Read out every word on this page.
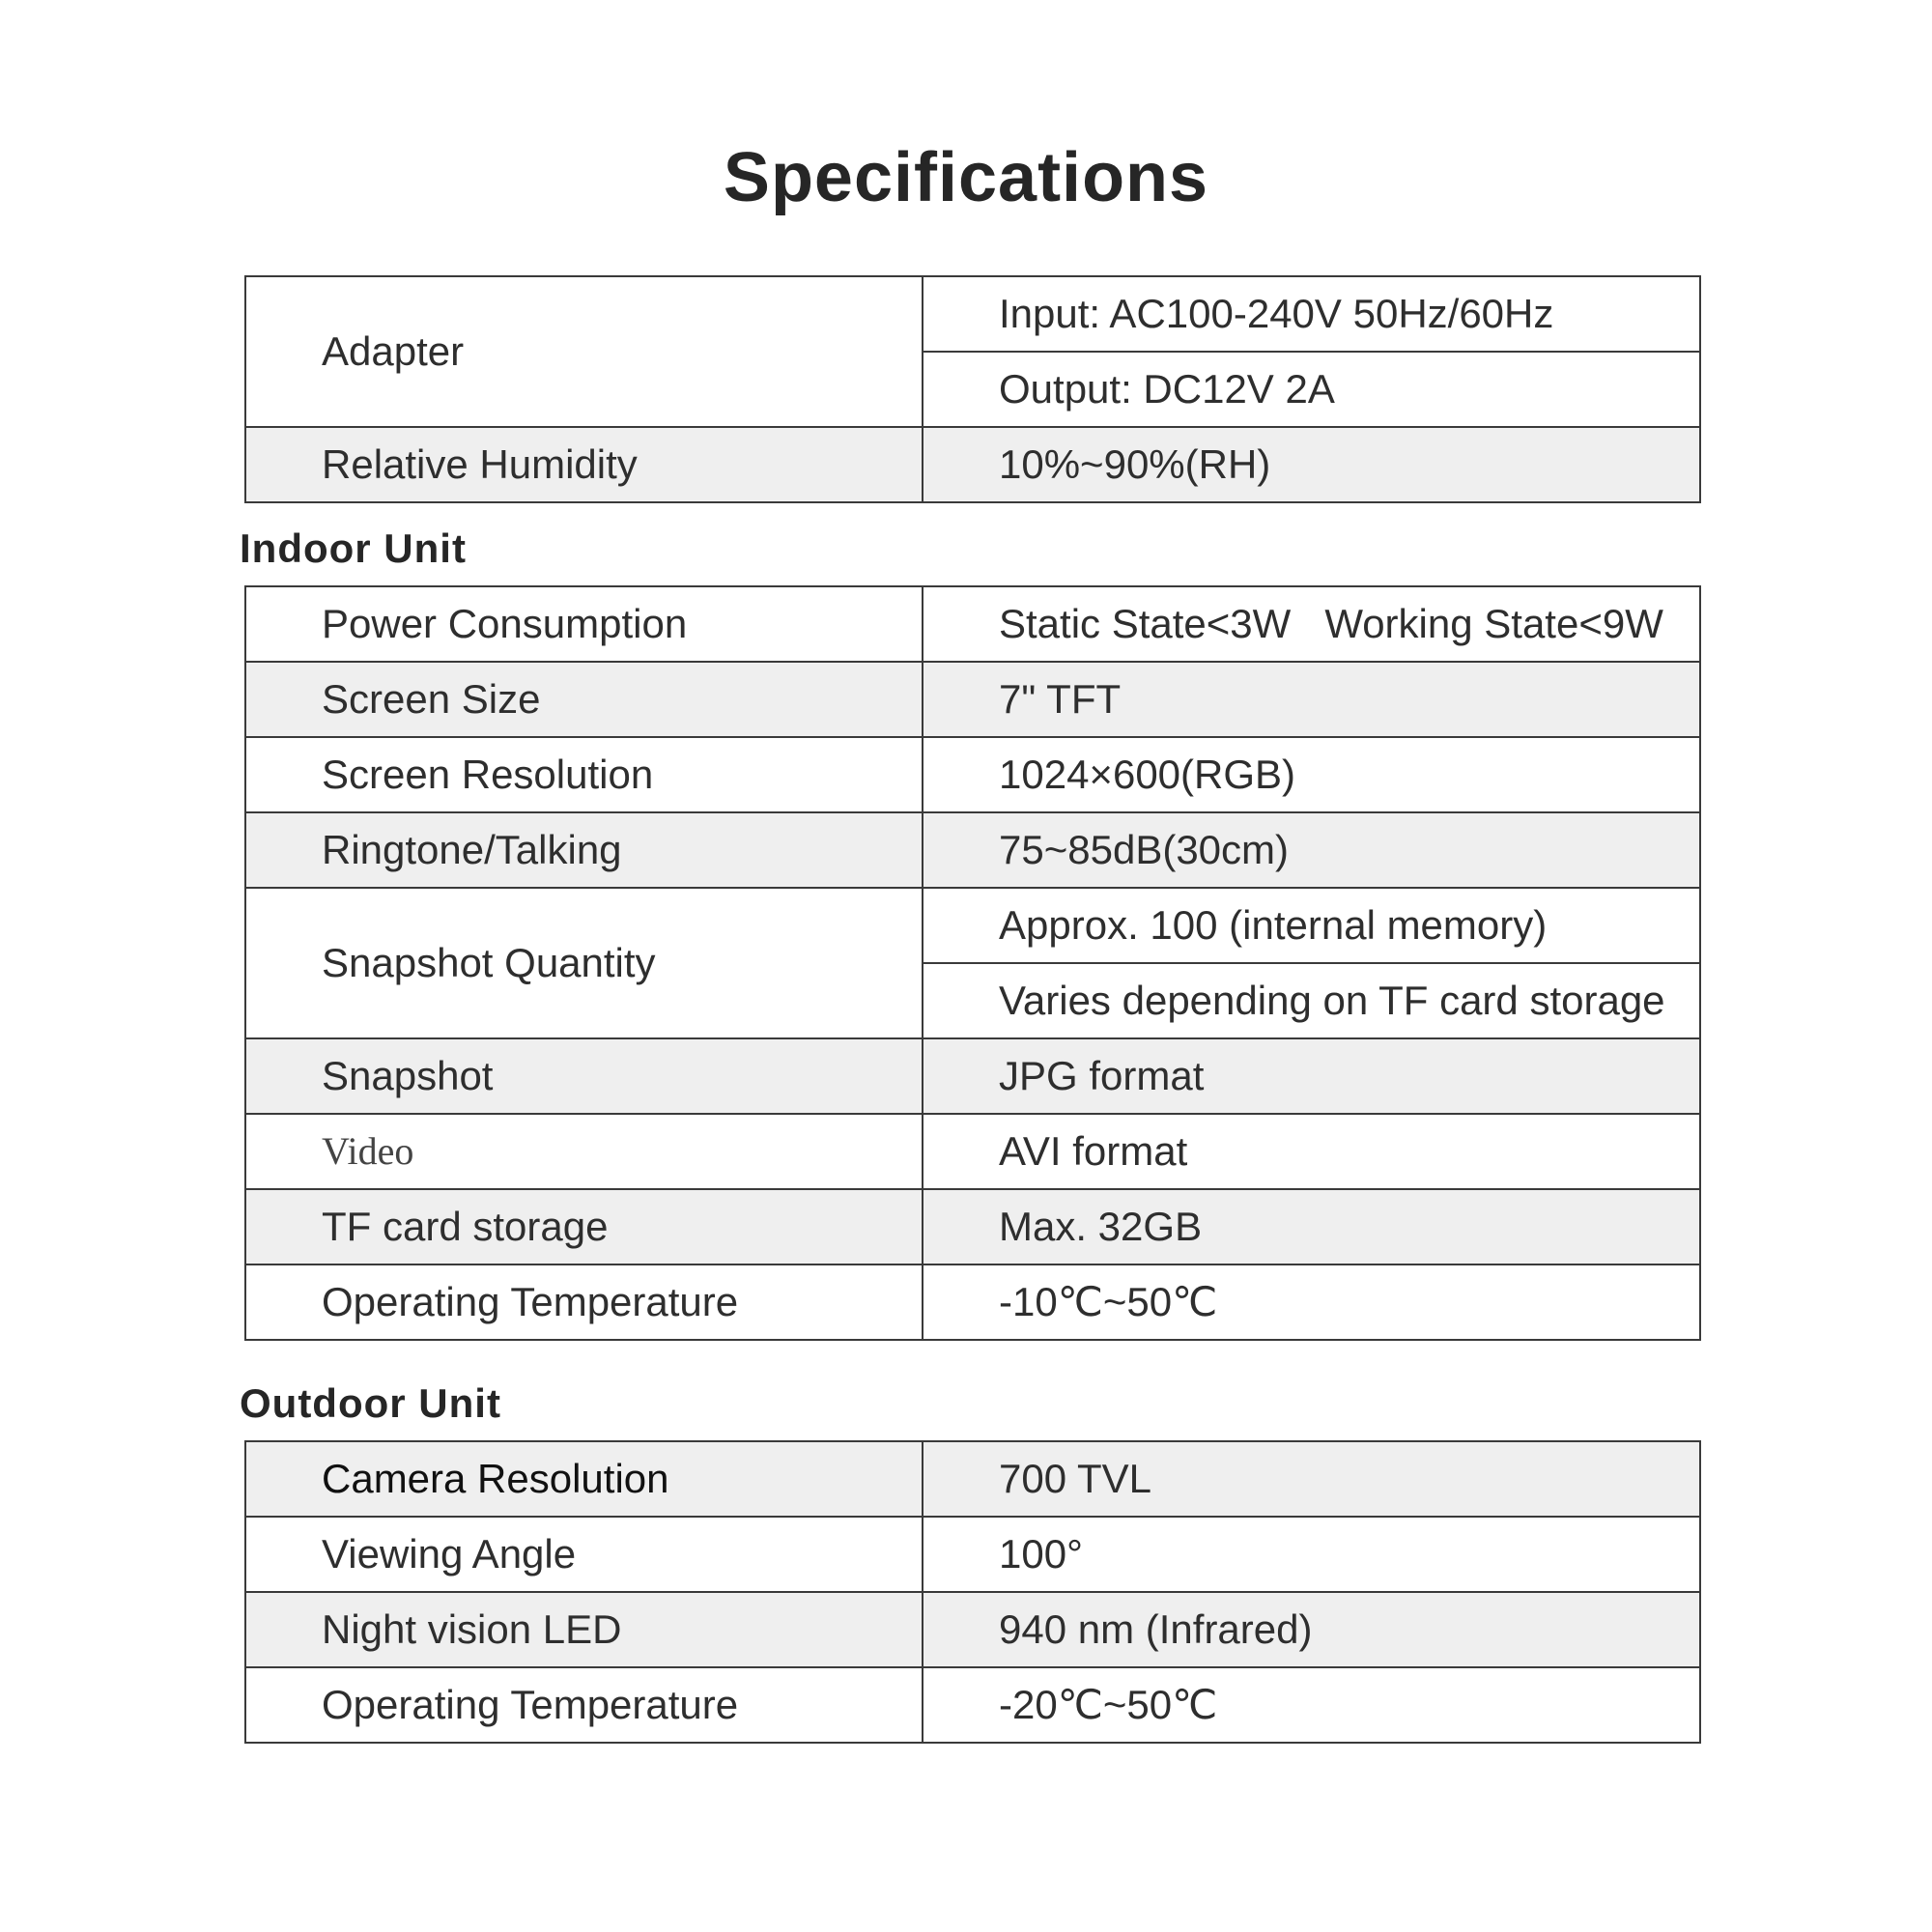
Specifications
Adapter	Input: AC100-240V 50Hz/60Hz
	Output: DC12V 2A
Relative Humidity	10%~90%(RH)
Indoor Unit
Power Consumption	Static State<3W   Working State<9W
Screen Size	7" TFT
Screen Resolution	1024×600(RGB)
Ringtone/Talking	75~85dB(30cm)
Snapshot Quantity	Approx. 100 (internal memory)
	Varies depending on TF card storage
Snapshot	JPG format
Video	AVI format
TF card storage	Max. 32GB
Operating Temperature	-10℃~50℃
Outdoor Unit
Camera Resolution	700 TVL
Viewing Angle	100°
Night vision LED	940 nm (Infrared)
Operating Temperature	-20℃~50℃
